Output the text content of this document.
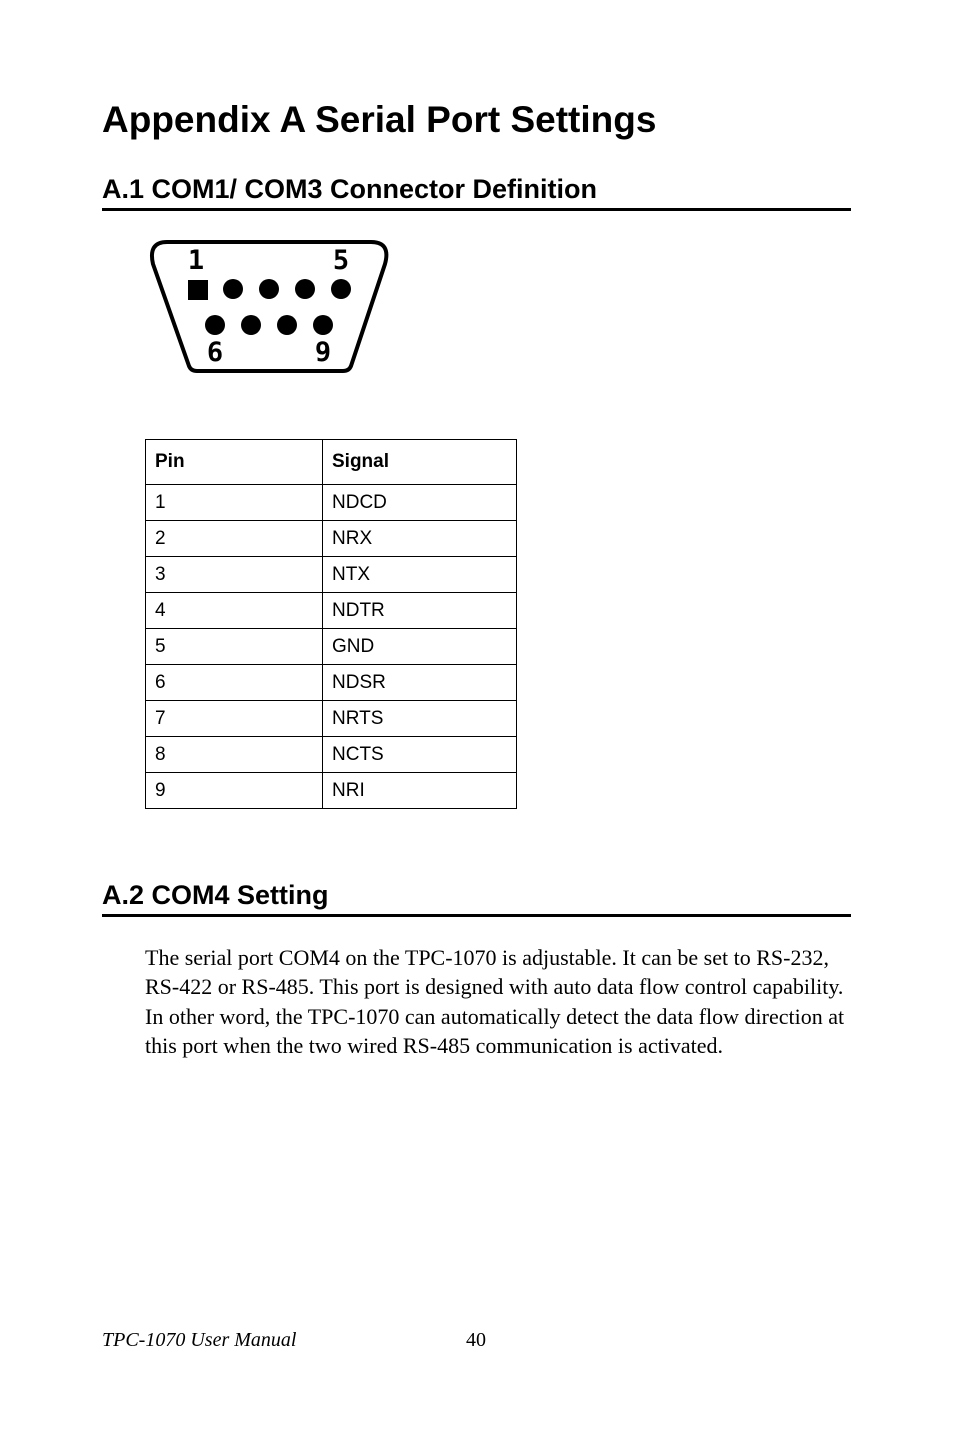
Appendix A Serial Port Settings
A.1 COM1/ COM3 Connector Definition
1	5
6	9
Pin	Signal
1	NDCD
2	NRX
3	NTX
4	NDTR
5	GND
6	NDSR
7	NRTS
8	NCTS
9	NRI
A.2 COM4 Setting

The serial port COM4 on the TPC-1070 is adjustable. It can be set to RS-232, RS-422 or RS-485. This port is designed with auto data flow control capability. In other word, the TPC-1070 can automatically detect the data flow direction at this port when the two wired RS-485 communication is activated.

TPC-1070 User Manual	40
